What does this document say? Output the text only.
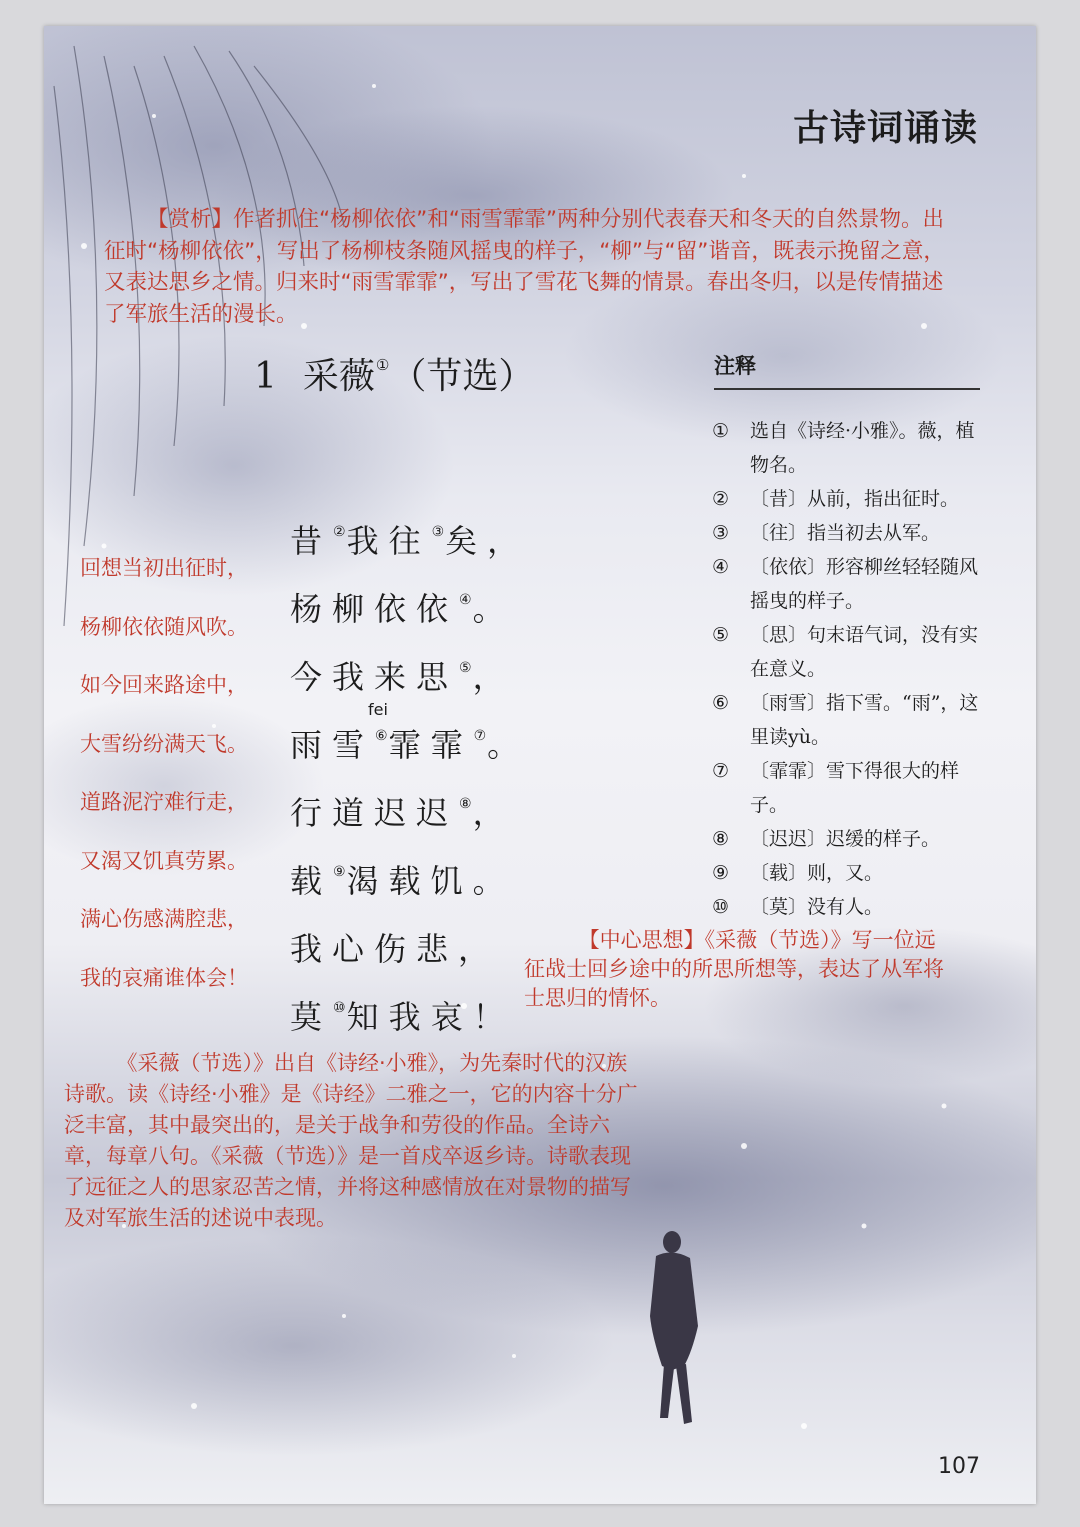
古诗词诵读
【赏析】作者抓住“杨柳依依”和“雨雪霏霏”两种分别代表春天和冬天的自然景物。出征时“杨柳依依”，写出了杨柳枝条随风摇曳的样子，“柳”与“留”谐音，既表示挽留之意，又表达思乡之情。归来时“雨雪霏霏”，写出了雪花飞舞的情景。春出冬归，以是传情描述了军旅生活的漫长。
1 采薇①（节选）
fei
昔②我往③矣，
杨柳依依④。
今我来思⑤，
雨雪⑥霏霏⑦。
行道迟迟⑧，
载⑨渴载饥。
我心伤悲，
莫⑩知我哀！
回想当初出征时，
杨柳依依随风吹。
如今回来路途中，
大雪纷纷满天飞。
道路泥泞难行走，
又渴又饥真劳累。
满心伤感满腔悲，
我的哀痛谁体会！
注释
① 选自《诗经·小雅》。薇，植物名。
② 〔昔〕从前，指出征时。
③ 〔往〕指当初去从军。
④ 〔依依〕形容柳丝轻轻随风摇曳的样子。
⑤ 〔思〕句末语气词，没有实在意义。
⑥ 〔雨雪〕指下雪。“雨”，这里读yù。
⑦ 〔霏霏〕雪下得很大的样子。
⑧ 〔迟迟〕迟缓的样子。
⑨ 〔载〕则，又。
⑩ 〔莫〕没有人。
【中心思想】《采薇（节选）》写一位远征战士回乡途中的所思所想等，表达了从军将士思归的情怀。
《采薇（节选）》出自《诗经·小雅》，为先秦时代的汉族诗歌。读《诗经·小雅》是《诗经》二雅之一，它的内容十分广泛丰富，其中最突出的，是关于战争和劳役的作品。全诗六章，每章八句。《采薇（节选）》是一首戍卒返乡诗。诗歌表现了远征之人的思家忍苦之情，并将这种感情放在对景物的描写及对军旅生活的述说中表现。
107
